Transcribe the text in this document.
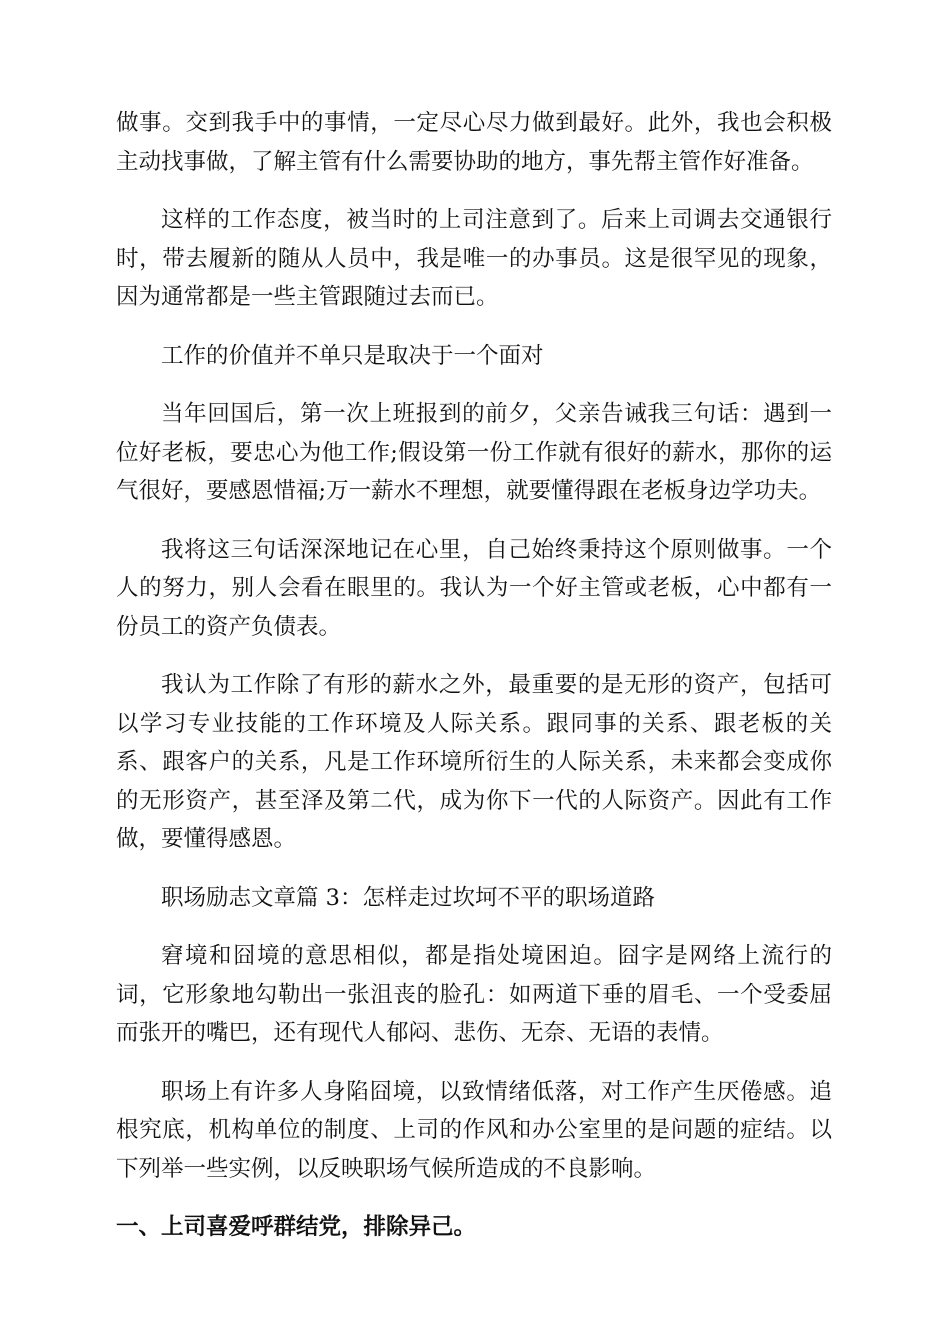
做事。交到我手中的事情，一定尽心尽力做到最好。此外，我也会积极主动找事做，了解主管有什么需要协助的地方，事先帮主管作好准备。

这样的工作态度，被当时的上司注意到了。后来上司调去交通银行时，带去履新的随从人员中，我是唯一的办事员。这是很罕见的现象，因为通常都是一些主管跟随过去而已。

工作的价值并不单只是取决于一个面对

当年回国后，第一次上班报到的前夕，父亲告诫我三句话：遇到一位好老板，要忠心为他工作;假设第一份工作就有很好的薪水，那你的运气很好，要感恩惜福;万一薪水不理想，就要懂得跟在老板身边学功夫。

我将这三句话深深地记在心里，自己始终秉持这个原则做事。一个人的努力，别人会看在眼里的。我认为一个好主管或老板，心中都有一份员工的资产负债表。

我认为工作除了有形的薪水之外，最重要的是无形的资产，包括可以学习专业技能的工作环境及人际关系。跟同事的关系、跟老板的关系、跟客户的关系，凡是工作环境所衍生的人际关系，未来都会变成你的无形资产，甚至泽及第二代，成为你下一代的人际资产。因此有工作做，要懂得感恩。

职场励志文章篇 3：怎样走过坎坷不平的职场道路

窘境和囧境的意思相似，都是指处境困迫。囧字是网络上流行的词，它形象地勾勒出一张沮丧的脸孔：如两道下垂的眉毛、一个受委屈而张开的嘴巴，还有现代人郁闷、悲伤、无奈、无语的表情。

职场上有许多人身陷囧境，以致情绪低落，对工作产生厌倦感。追根究底，机构单位的制度、上司的作风和办公室里的是问题的症结。以下列举一些实例，以反映职场气候所造成的不良影响。

一、上司喜爱呼群结党，排除异己。
